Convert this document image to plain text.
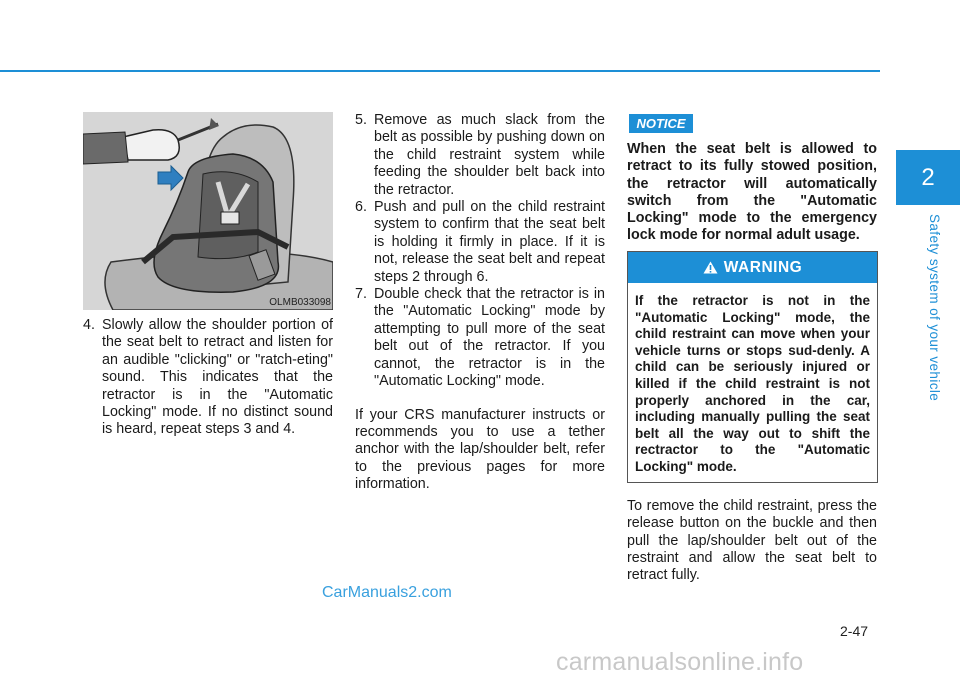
2
Safety system of your vehicle
OLMB033098
4. Slowly allow the shoulder portion of the seat belt to retract and listen for an audible "clicking" or "ratch-eting" sound. This indicates that the retractor is in the "Automatic Locking" mode. If no distinct sound is heard, repeat steps 3 and 4.
5. Remove as much slack from the belt as possible by pushing down on the child restraint system while feeding the shoulder belt back into the retractor.
6. Push and pull on the child restraint system to confirm that the seat belt is holding it firmly in place. If it is not, release the seat belt and repeat steps 2 through 6.
7. Double check that the retractor is in the "Automatic Locking" mode by attempting to pull more of the seat belt out of the retractor. If you cannot, the retractor is in the "Automatic Locking" mode.
If your CRS manufacturer instructs or recommends you to use a tether anchor with the lap/shoulder belt, refer to the previous pages for more information.
NOTICE
When the seat belt is allowed to retract to its fully stowed position, the retractor will automatically switch from the "Automatic Locking" mode to the emergency lock mode for normal adult usage.
WARNING
If the retractor is not in the "Automatic Locking" mode, the child restraint can move when your vehicle turns or stops sud-denly. A child can be seriously injured or killed if the child restraint is not properly anchored in the car, including manually pulling the seat belt all the way out to shift the rectractor to the "Automatic Locking" mode.
To remove the child restraint, press the release button on the buckle and then pull the lap/shoulder belt out of the restraint and allow the seat belt to retract fully.
CarManuals2.com
2-47
carmanualsonline.info
